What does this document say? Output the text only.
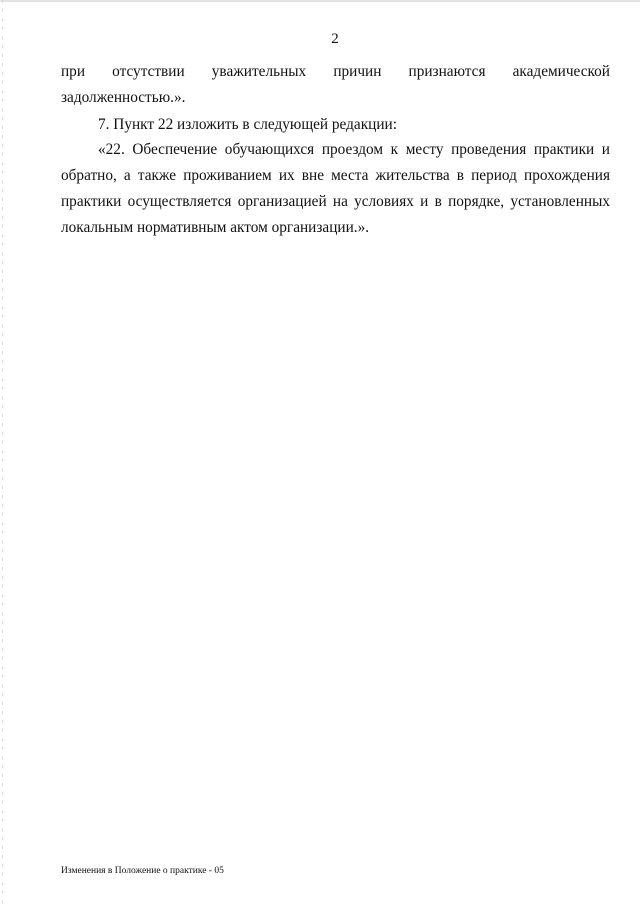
2
при отсутствии уважительных причин признаются академической
задолженностью.».
7. Пункт 22 изложить в следующей редакции:
«22. Обеспечение обучающихся проездом к месту проведения практики и
обратно, а также проживанием их вне места жительства в период прохождения
практики осуществляется организацией на условиях и в порядке, установленных
локальным нормативным актом организации.».
Изменения в Положение о практике - 05
